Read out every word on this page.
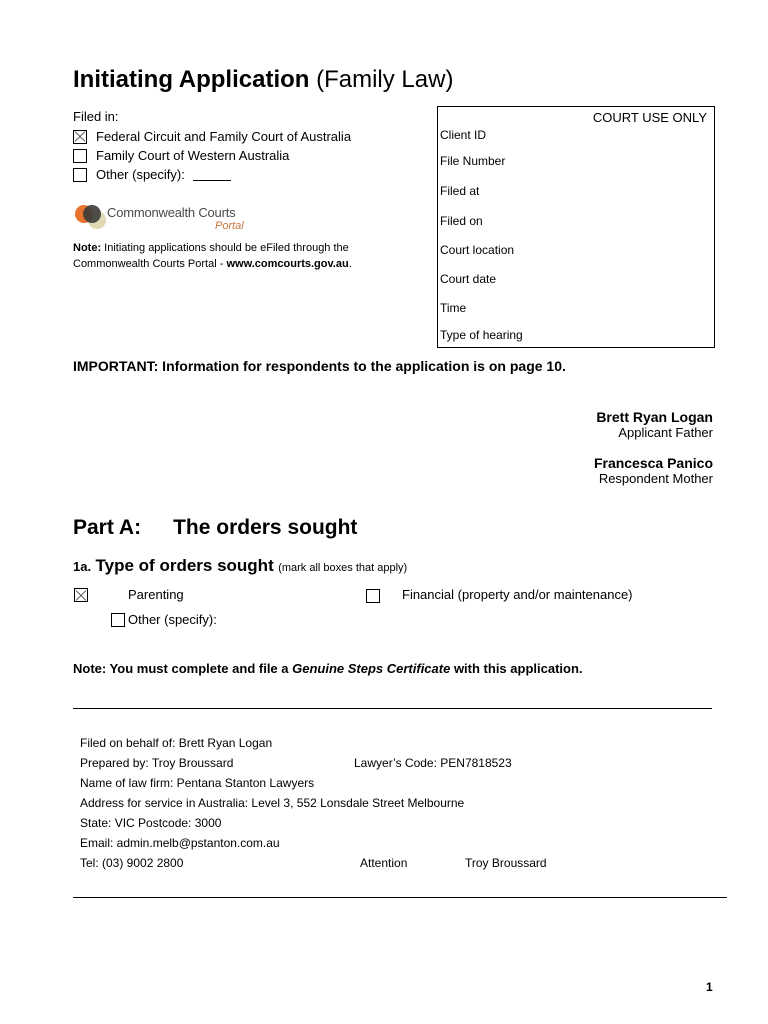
Initiating Application (Family Law)
Filed in:
Federal Circuit and Family Court of Australia
Family Court of Western Australia
Other (specify):
Commonwealth Courts
Portal
Note: Initiating applications should be eFiled through the Commonwealth Courts Portal - www.comcourts.gov.au.
COURT USE ONLY
Client ID
File Number
Filed at
Filed on
Court location
Court date
Time
Type of hearing
IMPORTANT: Information for respondents to the application is on page 10.
Brett Ryan Logan
Applicant Father
Francesca Panico
Respondent Mother
Part A: The orders sought
1a. Type of orders sought (mark all boxes that apply)

Parenting
	Financial (property and/or maintenance)
Other (specify):
Note: You must complete and file a Genuine Steps Certificate with this application.
Filed on behalf of: Brett Ryan Logan
Prepared by: Troy Broussard	Lawyer’s Code: PEN7818523
Name of law firm: Pentana Stanton Lawyers
Address for service in Australia: Level 3, 552 Lonsdale Street Melbourne
State: VIC Postcode: 3000
Email: admin.melb@pstanton.com.au
Tel: (03) 9002 2800	Attention	Troy Broussard
1
